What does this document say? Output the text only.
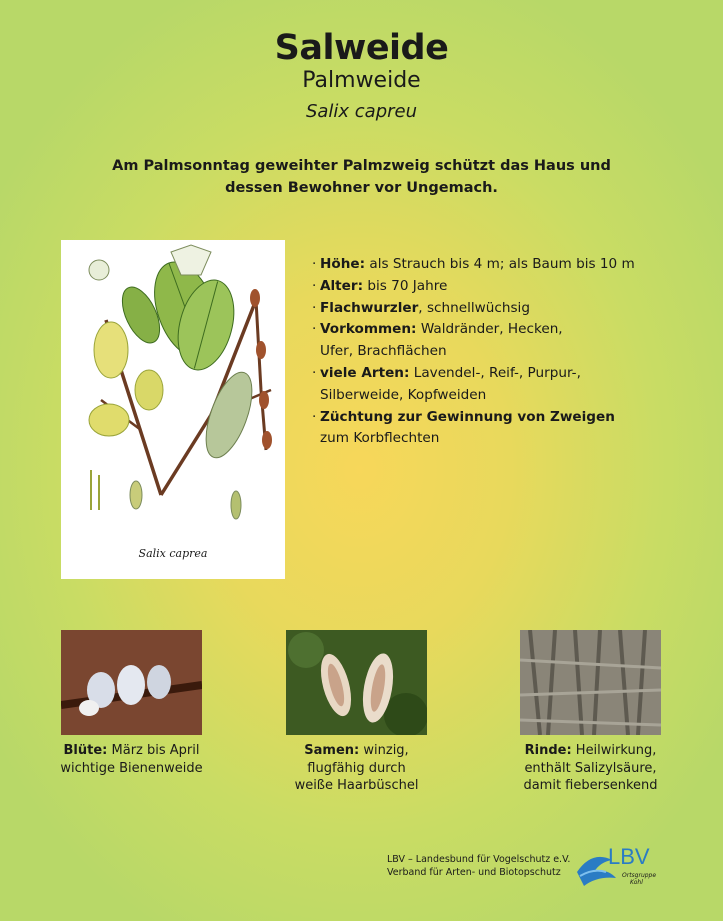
Salweide
Palmweide
Salix capreu
Am Palmsonntag geweihter Palmzweig schützt das Haus und
dessen Bewohner vor Ungemach.
Salix caprea
· Höhe: als Strauch bis 4 m; als Baum bis 10 m
· Alter: bis 70 Jahre
· Flachwurzler, schnellwüchsig
· Vorkommen: Waldränder, Hecken,
Ufer, Brachflächen
· viele Arten: Lavendel-, Reif-, Purpur-,
Silberweide, Kopfweiden
· Züchtung zur Gewinnung von Zweigen
zum Korbflechten
Blüte: März bis April
wichtige Bienenweide
Samen: winzig,
flugfähig durch
weiße Haarbüschel
Rinde: Heilwirkung,
enthält Salizylsäure,
damit fiebersenkend
LBV – Landesbund für Vogelschutz e.V.
Verband für Arten- und Biotopschutz
LBV
Ortsgruppe
Kohl
